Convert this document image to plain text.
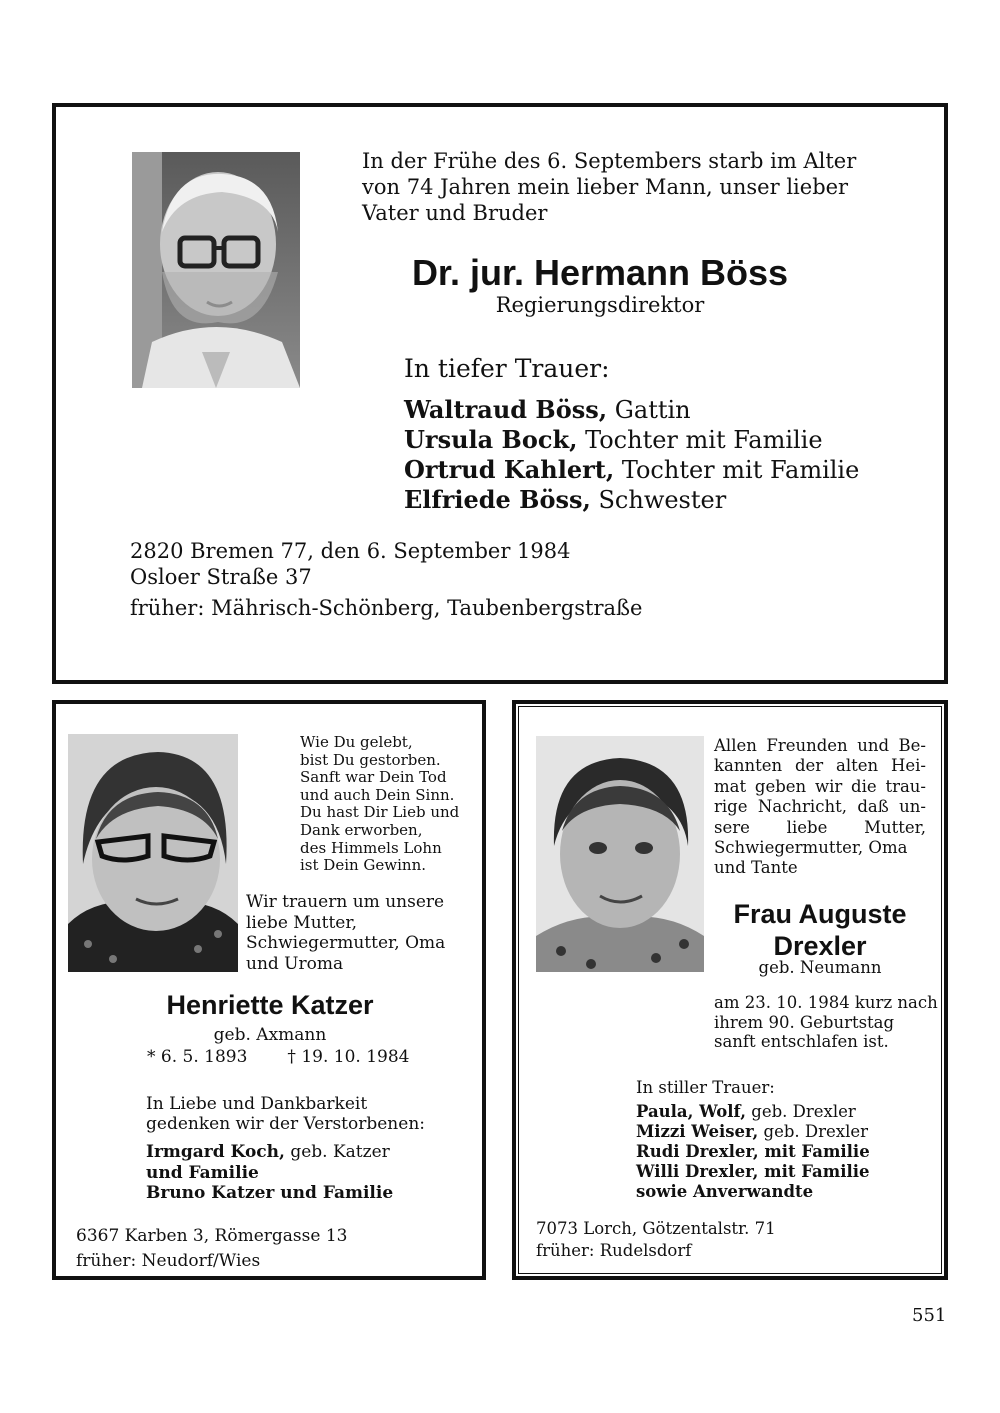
In der Frühe des 6. Septembers starb im Alter
von 74 Jahren mein lieber Mann, unser lieber
Vater und Bruder
Dr. jur. Hermann Böss
Regierungsdirektor
In tiefer Trauer:
Waltraud Böss, Gattin
Ursula Bock, Tochter mit Familie
Ortrud Kahlert, Tochter mit Familie
Elfriede Böss, Schwester
2820 Bremen 77, den 6. September 1984
Osloer Straße 37
früher: Mährisch-Schönberg, Taubenbergstraße
Wie Du gelebt,
bist Du gestorben.
Sanft war Dein Tod
und auch Dein Sinn.
Du hast Dir Lieb und
Dank erworben,
des Himmels Lohn
ist Dein Gewinn.
Wir trauern um unsere
liebe Mutter,
Schwiegermutter, Oma
und Uroma
Henriette Katzer
geb. Axmann
* 6. 5. 1893 † 19. 10. 1984
In Liebe und Dankbarkeit
gedenken wir der Verstorbenen:
Irmgard Koch, geb. Katzer
und Familie
Bruno Katzer und Familie
6367 Karben 3, Römergasse 13
früher: Neudorf/Wies
Allen Freunden und Be-
kannten der alten Hei-
mat geben wir die trau-
rige Nachricht, daß un-
sere liebe Mutter,
Schwiegermutter, Oma
und Tante
Frau Auguste
Drexler
geb. Neumann
am 23. 10. 1984 kurz nach
ihrem 90. Geburtstag
sanft entschlafen ist.
In stiller Trauer:
Paula, Wolf, geb. Drexler
Mizzi Weiser, geb. Drexler
Rudi Drexler, mit Familie
Willi Drexler, mit Familie
sowie Anverwandte
7073 Lorch, Götzentalstr. 71
früher: Rudelsdorf
551
